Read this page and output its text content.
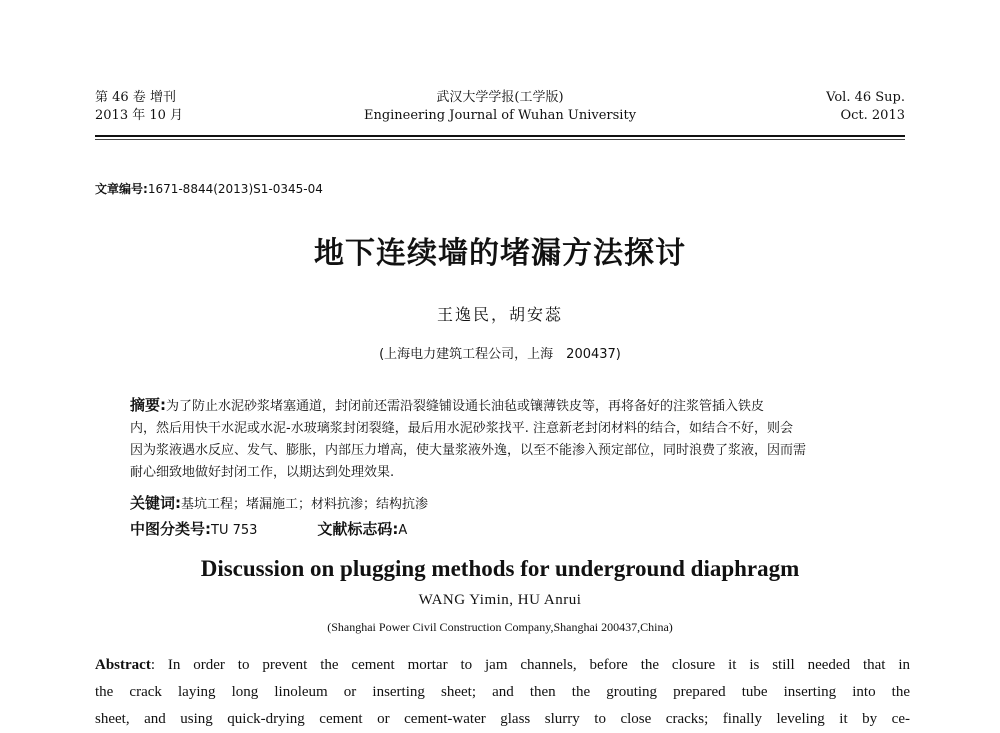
第 46 卷 增刊
2013 年 10 月
武汉大学学报(工学版)
Engineering Journal of Wuhan University
Vol. 46 Sup.
Oct. 2013
文章编号:1671-8844(2013)S1-0345-04
地下连续墙的堵漏方法探讨
王逸民，胡安蕊
(上海电力建筑工程公司，上海　200437)
摘要:为了防止水泥砂浆堵塞通道，封闭前还需沿裂缝铺设通长油毡或镶薄铁皮等，再将备好的注浆管插入铁皮
内，然后用快干水泥或水泥-水玻璃浆封闭裂缝，最后用水泥砂浆找平. 注意新老封闭材料的结合，如结合不好，则会
因为浆液遇水反应、发气、膨胀，内部压力增高，使大量浆液外逸，以至不能渗入预定部位，同时浪费了浆液，因而需
耐心细致地做好封闭工作，以期达到处理效果.
关键词:基坑工程；堵漏施工；材料抗渗；结构抗渗
中图分类号:TU 753	文献标志码:A
Discussion on plugging methods for underground diaphragm
WANG Yimin, HU Anrui
(Shanghai Power Civil Construction Company,Shanghai 200437,China)
Abstract: In order to prevent the cement mortar to jam channels, before the closure it is still needed that in
the crack laying long linoleum or inserting sheet; and then the grouting prepared tube inserting into the
sheet, and using quick-drying cement or cement-water glass slurry to close cracks; finally leveling it by ce-
